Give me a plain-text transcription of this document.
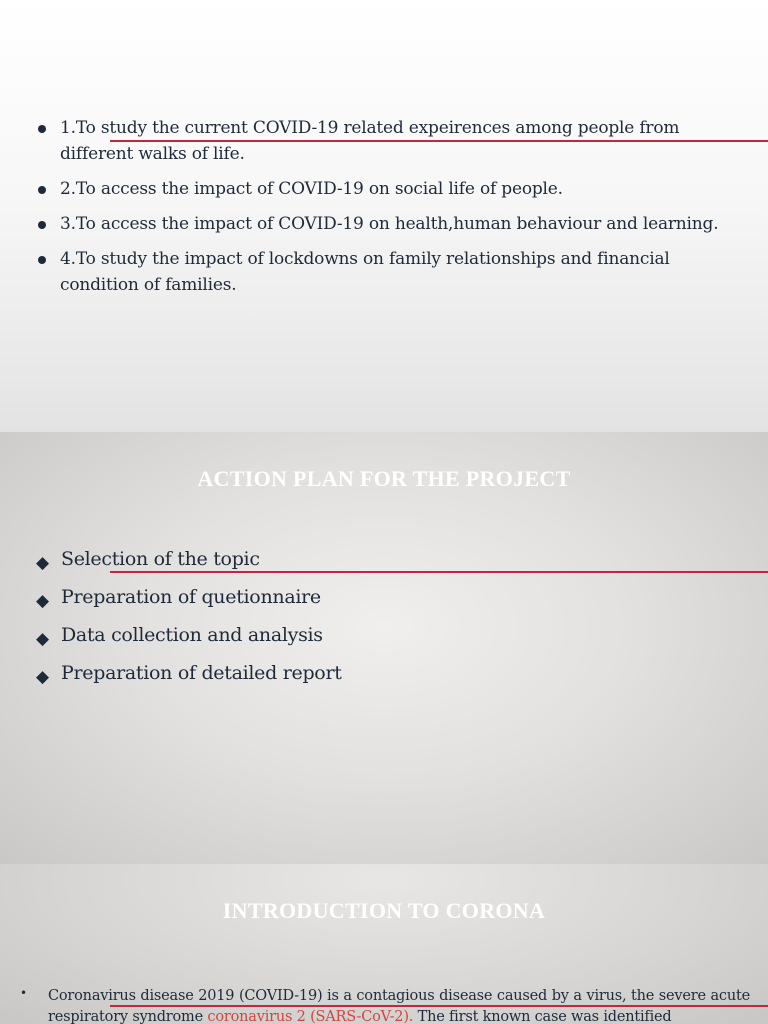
1.To study the current COVID-19 related expeirences among people from different walks of life.
2.To access the impact of COVID-19 on social life of people.
3.To access the impact of COVID-19 on health,human behaviour and learning.
4.To study the impact of lockdowns on family relationships and financial condition of families.
ACTION PLAN FOR THE PROJECT
◆ Selection of the topic
◆ Preparation of quetionnaire
◆ Data collection and analysis
◆ Preparation of detailed report
INTRODUCTION TO CORONA
•	Coronavirus disease 2019 (COVID-19) is a contagious disease caused by a virus, the severe acute respiratory syndrome coronavirus 2 (SARS-CoV-2). The first known case was identified
